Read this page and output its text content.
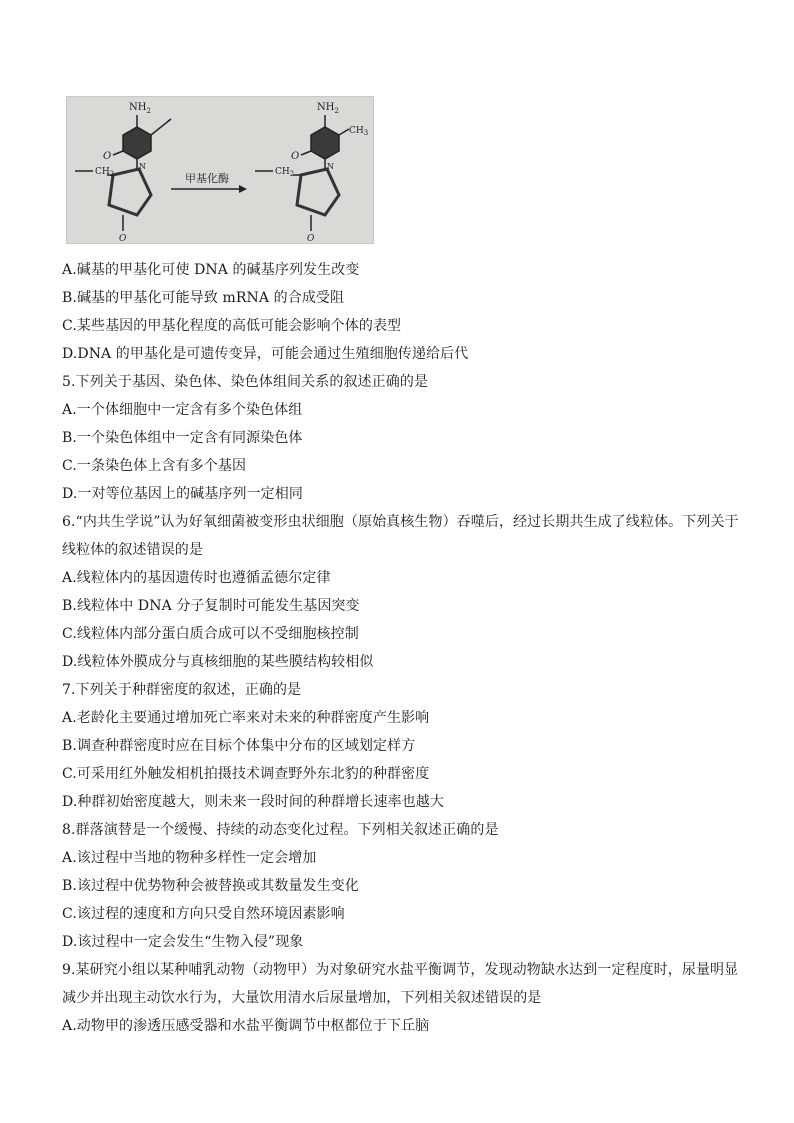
$NH_2$
O
N
$CH_2$
O
甲基化酶
$NH_2$
$CH_3$
O
N
$CH_2$
O
A.碱基的甲基化可使 DNA 的碱基序列发生改变
B.碱基的甲基化可能导致 mRNA 的合成受阻
C.某些基因的甲基化程度的高低可能会影响个体的表型
D.DNA 的甲基化是可遗传变异，可能会通过生殖细胞传递给后代
5.下列关于基因、染色体、染色体组间关系的叙述正确的是
A.一个体细胞中一定含有多个染色体组
B.一个染色体组中一定含有同源染色体
C.一条染色体上含有多个基因
D.一对等位基因上的碱基序列一定相同
6.“内共生学说”认为好氧细菌被变形虫状细胞（原始真核生物）吞噬后，经过长期共生成了线粒体。下列关于
线粒体的叙述错误的是
A.线粒体内的基因遗传时也遵循孟德尔定律
B.线粒体中 DNA 分子复制时可能发生基因突变
C.线粒体内部分蛋白质合成可以不受细胞核控制
D.线粒体外膜成分与真核细胞的某些膜结构较相似
7.下列关于种群密度的叙述，正确的是
A.老龄化主要通过增加死亡率来对未来的种群密度产生影响
B.调查种群密度时应在目标个体集中分布的区域划定样方
C.可采用红外触发相机拍摄技术调查野外东北豹的种群密度
D.种群初始密度越大，则未来一段时间的种群增长速率也越大
8.群落演替是一个缓慢、持续的动态变化过程。下列相关叙述正确的是
A.该过程中当地的物种多样性一定会增加
B.该过程中优势物种会被替换或其数量发生变化
C.该过程的速度和方向只受自然环境因素影响
D.该过程中一定会发生“生物入侵”现象
9.某研究小组以某种哺乳动物（动物甲）为对象研究水盐平衡调节，发现动物缺水达到一定程度时，尿量明显
减少并出现主动饮水行为，大量饮用清水后尿量增加，下列相关叙述错误的是
A.动物甲的渗透压感受器和水盐平衡调节中枢都位于下丘脑
